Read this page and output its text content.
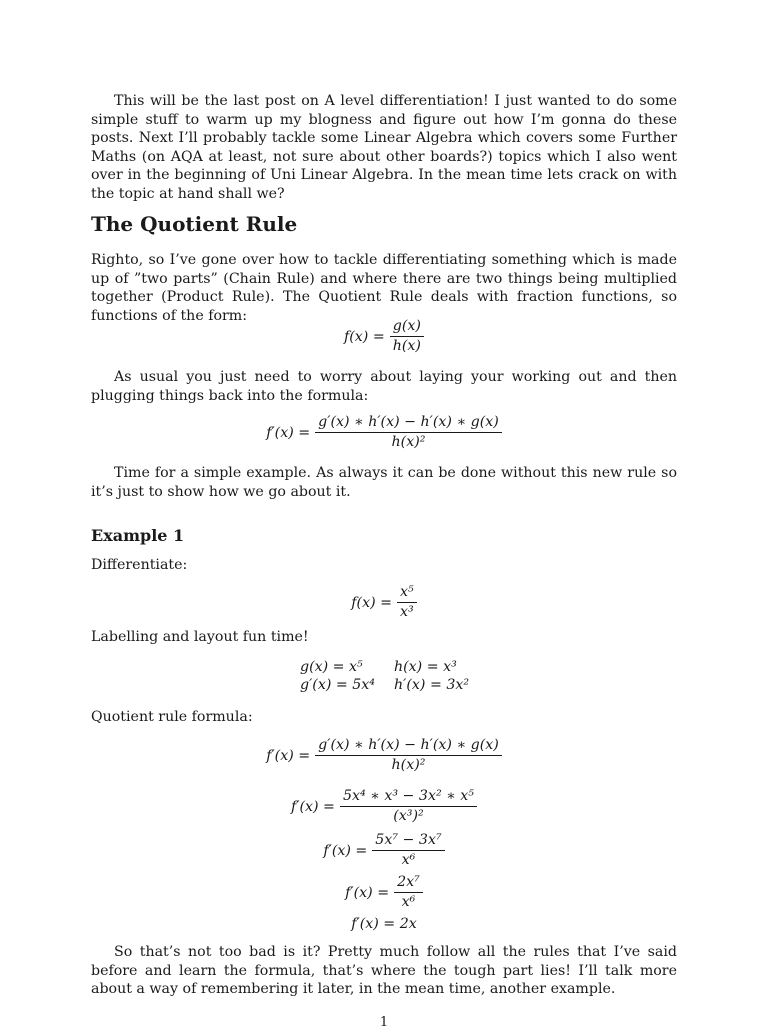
This will be the last post on A level differentiation! I just wanted to do some simple stuff to warm up my blogness and figure out how I’m gonna do these posts. Next I’ll probably tackle some Linear Algebra which covers some Further Maths (on AQA at least, not sure about other boards?) topics which I also went over in the beginning of Uni Linear Algebra. In the mean time lets crack on with the topic at hand shall we?

The Quotient Rule

Righto, so I’ve gone over how to tackle differentiating something which is made up of ”two parts” (Chain Rule) and where there are two things being multiplied together (Product Rule). The Quotient Rule deals with fraction functions, so functions of the form:

$f(x) = \frac{g(x)}{h(x)}$

As usual you just need to worry about laying your working out and then plugging things back into the formula:

$f'(x) = \frac{g'(x) ∗ h'(x) - h'(x) ∗ g(x)}{\text{h(x)²}}$

Time for a simple example. As always it can be done without this new rule so it’s just to show how we go about it.

Example 1

Differentiate:

$f(x) = \frac{\text{x⁵}}{\text{x³}}$

Labelling and layout fun time!

g(x) = x⁵	h(x) = x³
g′(x) = 5x⁴	h′(x) = 3x²

Quotient rule formula:

$f'(x) = \frac{g'(x) ∗ h'(x) - h'(x) ∗ g(x)}{\text{h(x)²}}$
$f'(x) = \frac{\text{5x⁴ ∗ x³ − 3x² ∗ x⁵}}{\text{(x³)²}}$
$f'(x) = \frac{\text{5x⁷ − 3x⁷}}{\text{x⁶}}$
$f'(x) = \frac{\text{2x⁷}}{\text{x⁶}}$
f′(x) = 2x

So that’s not too bad is it? Pretty much follow all the rules that I’ve said before and learn the formula, that’s where the tough part lies! I’ll talk more about a way of remembering it later, in the mean time, another example.

1
